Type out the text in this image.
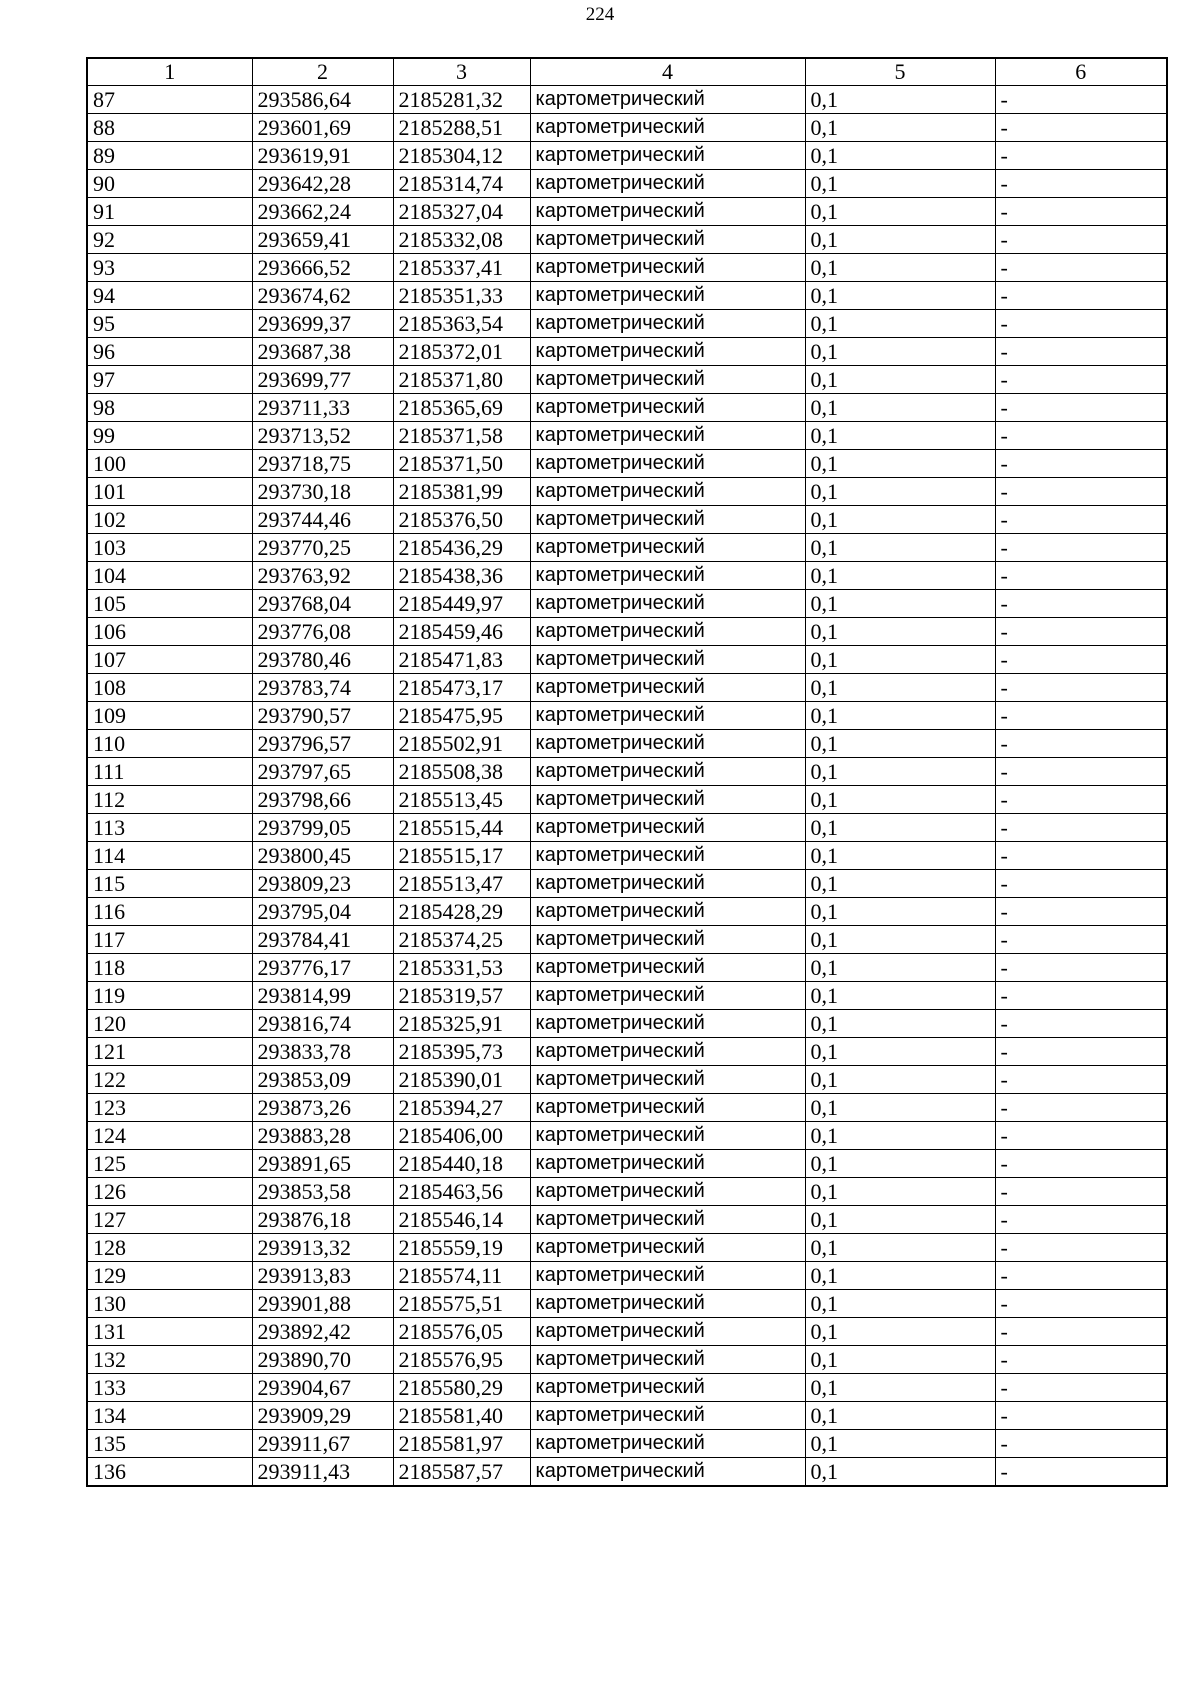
224
1	2	3	4	5	6
87	293586,64	2185281,32	картометрический	0,1	-
88	293601,69	2185288,51	картометрический	0,1	-
89	293619,91	2185304,12	картометрический	0,1	-
90	293642,28	2185314,74	картометрический	0,1	-
91	293662,24	2185327,04	картометрический	0,1	-
92	293659,41	2185332,08	картометрический	0,1	-
93	293666,52	2185337,41	картометрический	0,1	-
94	293674,62	2185351,33	картометрический	0,1	-
95	293699,37	2185363,54	картометрический	0,1	-
96	293687,38	2185372,01	картометрический	0,1	-
97	293699,77	2185371,80	картометрический	0,1	-
98	293711,33	2185365,69	картометрический	0,1	-
99	293713,52	2185371,58	картометрический	0,1	-
100	293718,75	2185371,50	картометрический	0,1	-
101	293730,18	2185381,99	картометрический	0,1	-
102	293744,46	2185376,50	картометрический	0,1	-
103	293770,25	2185436,29	картометрический	0,1	-
104	293763,92	2185438,36	картометрический	0,1	-
105	293768,04	2185449,97	картометрический	0,1	-
106	293776,08	2185459,46	картометрический	0,1	-
107	293780,46	2185471,83	картометрический	0,1	-
108	293783,74	2185473,17	картометрический	0,1	-
109	293790,57	2185475,95	картометрический	0,1	-
110	293796,57	2185502,91	картометрический	0,1	-
111	293797,65	2185508,38	картометрический	0,1	-
112	293798,66	2185513,45	картометрический	0,1	-
113	293799,05	2185515,44	картометрический	0,1	-
114	293800,45	2185515,17	картометрический	0,1	-
115	293809,23	2185513,47	картометрический	0,1	-
116	293795,04	2185428,29	картометрический	0,1	-
117	293784,41	2185374,25	картометрический	0,1	-
118	293776,17	2185331,53	картометрический	0,1	-
119	293814,99	2185319,57	картометрический	0,1	-
120	293816,74	2185325,91	картометрический	0,1	-
121	293833,78	2185395,73	картометрический	0,1	-
122	293853,09	2185390,01	картометрический	0,1	-
123	293873,26	2185394,27	картометрический	0,1	-
124	293883,28	2185406,00	картометрический	0,1	-
125	293891,65	2185440,18	картометрический	0,1	-
126	293853,58	2185463,56	картометрический	0,1	-
127	293876,18	2185546,14	картометрический	0,1	-
128	293913,32	2185559,19	картометрический	0,1	-
129	293913,83	2185574,11	картометрический	0,1	-
130	293901,88	2185575,51	картометрический	0,1	-
131	293892,42	2185576,05	картометрический	0,1	-
132	293890,70	2185576,95	картометрический	0,1	-
133	293904,67	2185580,29	картометрический	0,1	-
134	293909,29	2185581,40	картометрический	0,1	-
135	293911,67	2185581,97	картометрический	0,1	-
136	293911,43	2185587,57	картометрический	0,1	-
